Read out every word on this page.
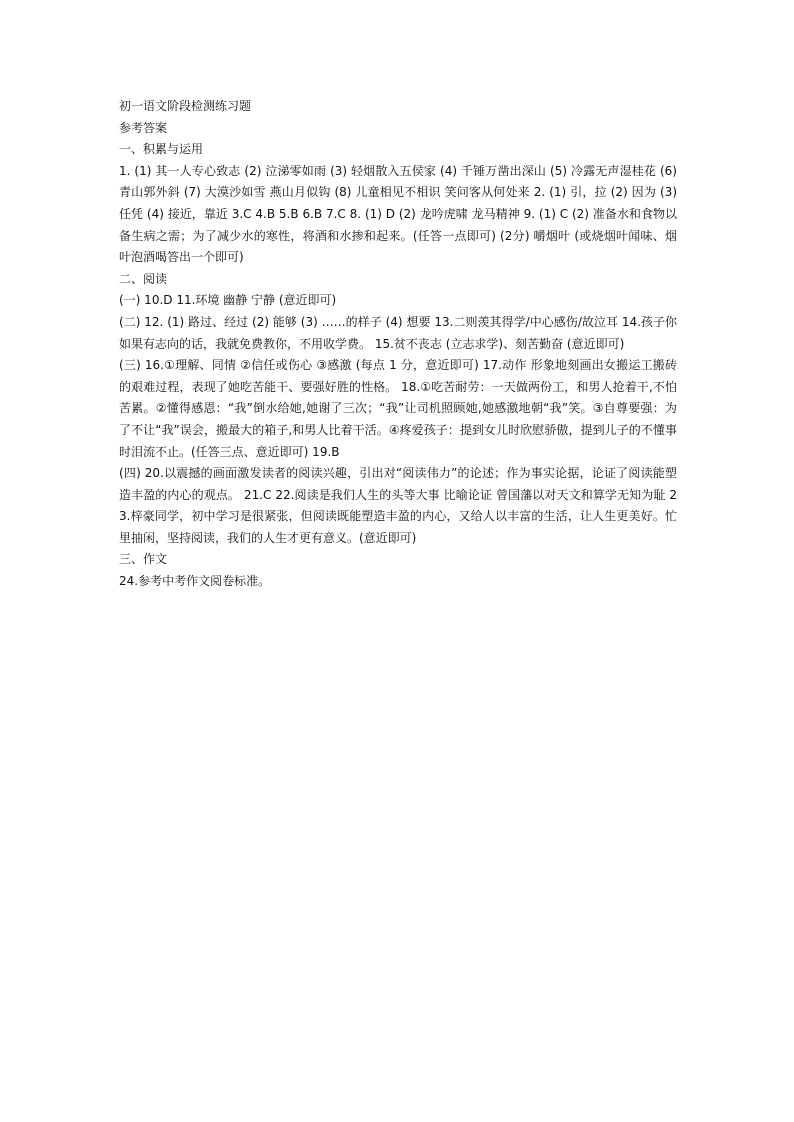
初一语文阶段检测练习题
参考答案
一、积累与运用
1. (1) 其一人专心致志 (2) 泣涕零如雨 (3) 轻烟散入五侯家 (4) 千锤万凿出深山 (5) 冷露无声湿桂花 (6) 青山郭外斜 (7) 大漠沙如雪 燕山月似钩 (8) 儿童相见不相识 笑问客从何处来 2. (1) 引，拉 (2) 因为 (3) 任凭 (4) 接近，靠近 3.C 4.B 5.B 6.B 7.C 8. (1) D (2) 龙吟虎啸 龙马精神 9. (1) C (2) 准备水和食物以备生病之需；为了减少水的寒性，将酒和水掺和起来。(任答一点即可) (2分) 嚼烟叶 (或烧烟叶闻味、烟叶泡酒喝答出一个即可)
二、阅读
(一) 10.D 11.环境 幽静 宁静 (意近即可)
(二) 12. (1) 路过、经过 (2) 能够 (3) ……的样子 (4) 想要 13.二则羡其得学/中心感伤/故泣耳 14.孩子你如果有志向的话，我就免费教你，不用收学费。 15.贫不丧志 (立志求学)、刻苦勤奋 (意近即可)
(三) 16.①理解、同情 ②信任或伤心 ③感激 (每点 1 分，意近即可) 17.动作 形象地刻画出女搬运工搬砖的艰难过程，表现了她吃苦能干、要强好胜的性格。 18.①吃苦耐劳：一天做两份工，和男人抢着干,不怕苦累。②懂得感恩：“我”倒水给她,她谢了三次；“我”让司机照顾她,她感激地朝“我”笑。③自尊要强：为了不让“我”误会，搬最大的箱子,和男人比着干活。④疼爱孩子：提到女儿时欣慰骄傲，提到儿子的不懂事时泪流不止。(任答三点、意近即可) 19.B
(四) 20.以震撼的画面激发读者的阅读兴趣，引出对“阅读伟力”的论述；作为事实论据，论证了阅读能塑造丰盈的内心的观点。 21.C 22.阅读是我们人生的头等大事 比喻论证 曾国藩以对天文和算学无知为耻 23.梓豪同学，初中学习是很紧张，但阅读既能塑造丰盈的内心，又给人以丰富的生活，让人生更美好。忙里抽闲，坚持阅读，我们的人生才更有意义。(意近即可)
三、作文
24.参考中考作文阅卷标准。
